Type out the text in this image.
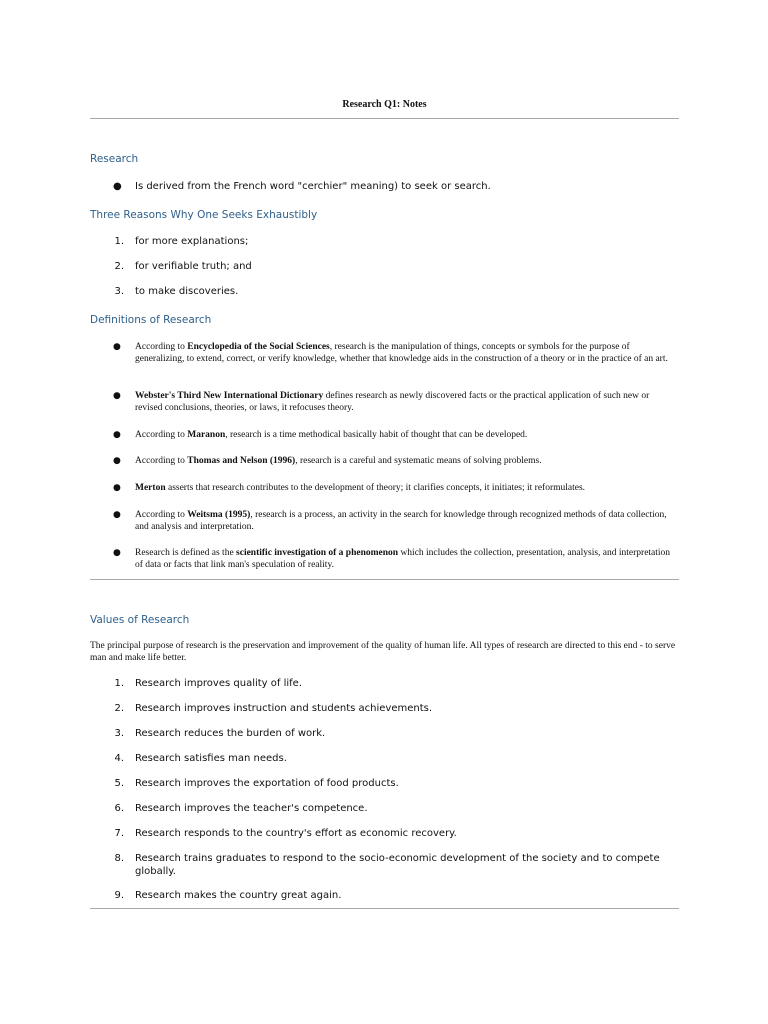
Research Q1: Notes
Research
● Is derived from the French word "cerchier" meaning) to seek or search.
Three Reasons Why One Seeks Exhaustibly
1. for more explanations;
2. for verifiable truth; and
3. to make discoveries.
Definitions of Research
● According to Encyclopedia of the Social Sciences, research is the manipulation of things, concepts or symbols for the purpose of generalizing, to extend, correct, or verify knowledge, whether that knowledge aids in the construction of a theory or in the practice of an art.
● Webster's Third New International Dictionary defines research as newly discovered facts or the practical application of such new or revised conclusions, theories, or laws, it refocuses theory.
● According to Maranon, research is a time methodical basically habit of thought that can be developed.
● According to Thomas and Nelson (1996), research is a careful and systematic means of solving problems.
● Merton asserts that research contributes to the development of theory; it clarifies concepts, it initiates; it reformulates.
● According to Weitsma (1995), research is a process, an activity in the search for knowledge through recognized methods of data collection, and analysis and interpretation.
● Research is defined as the scientific investigation of a phenomenon which includes the collection, presentation, analysis, and interpretation of data or facts that link man's speculation of reality.
Values of Research
The principal purpose of research is the preservation and improvement of the quality of human life. All types of research are directed to this end - to serve man and make life better.
1. Research improves quality of life.
2. Research improves instruction and students achievements.
3. Research reduces the burden of work.
4. Research satisfies man needs.
5. Research improves the exportation of food products.
6. Research improves the teacher's competence.
7. Research responds to the country's effort as economic recovery.
8. Research trains graduates to respond to the socio-economic development of the society and to compete globally.
9. Research makes the country great again.
